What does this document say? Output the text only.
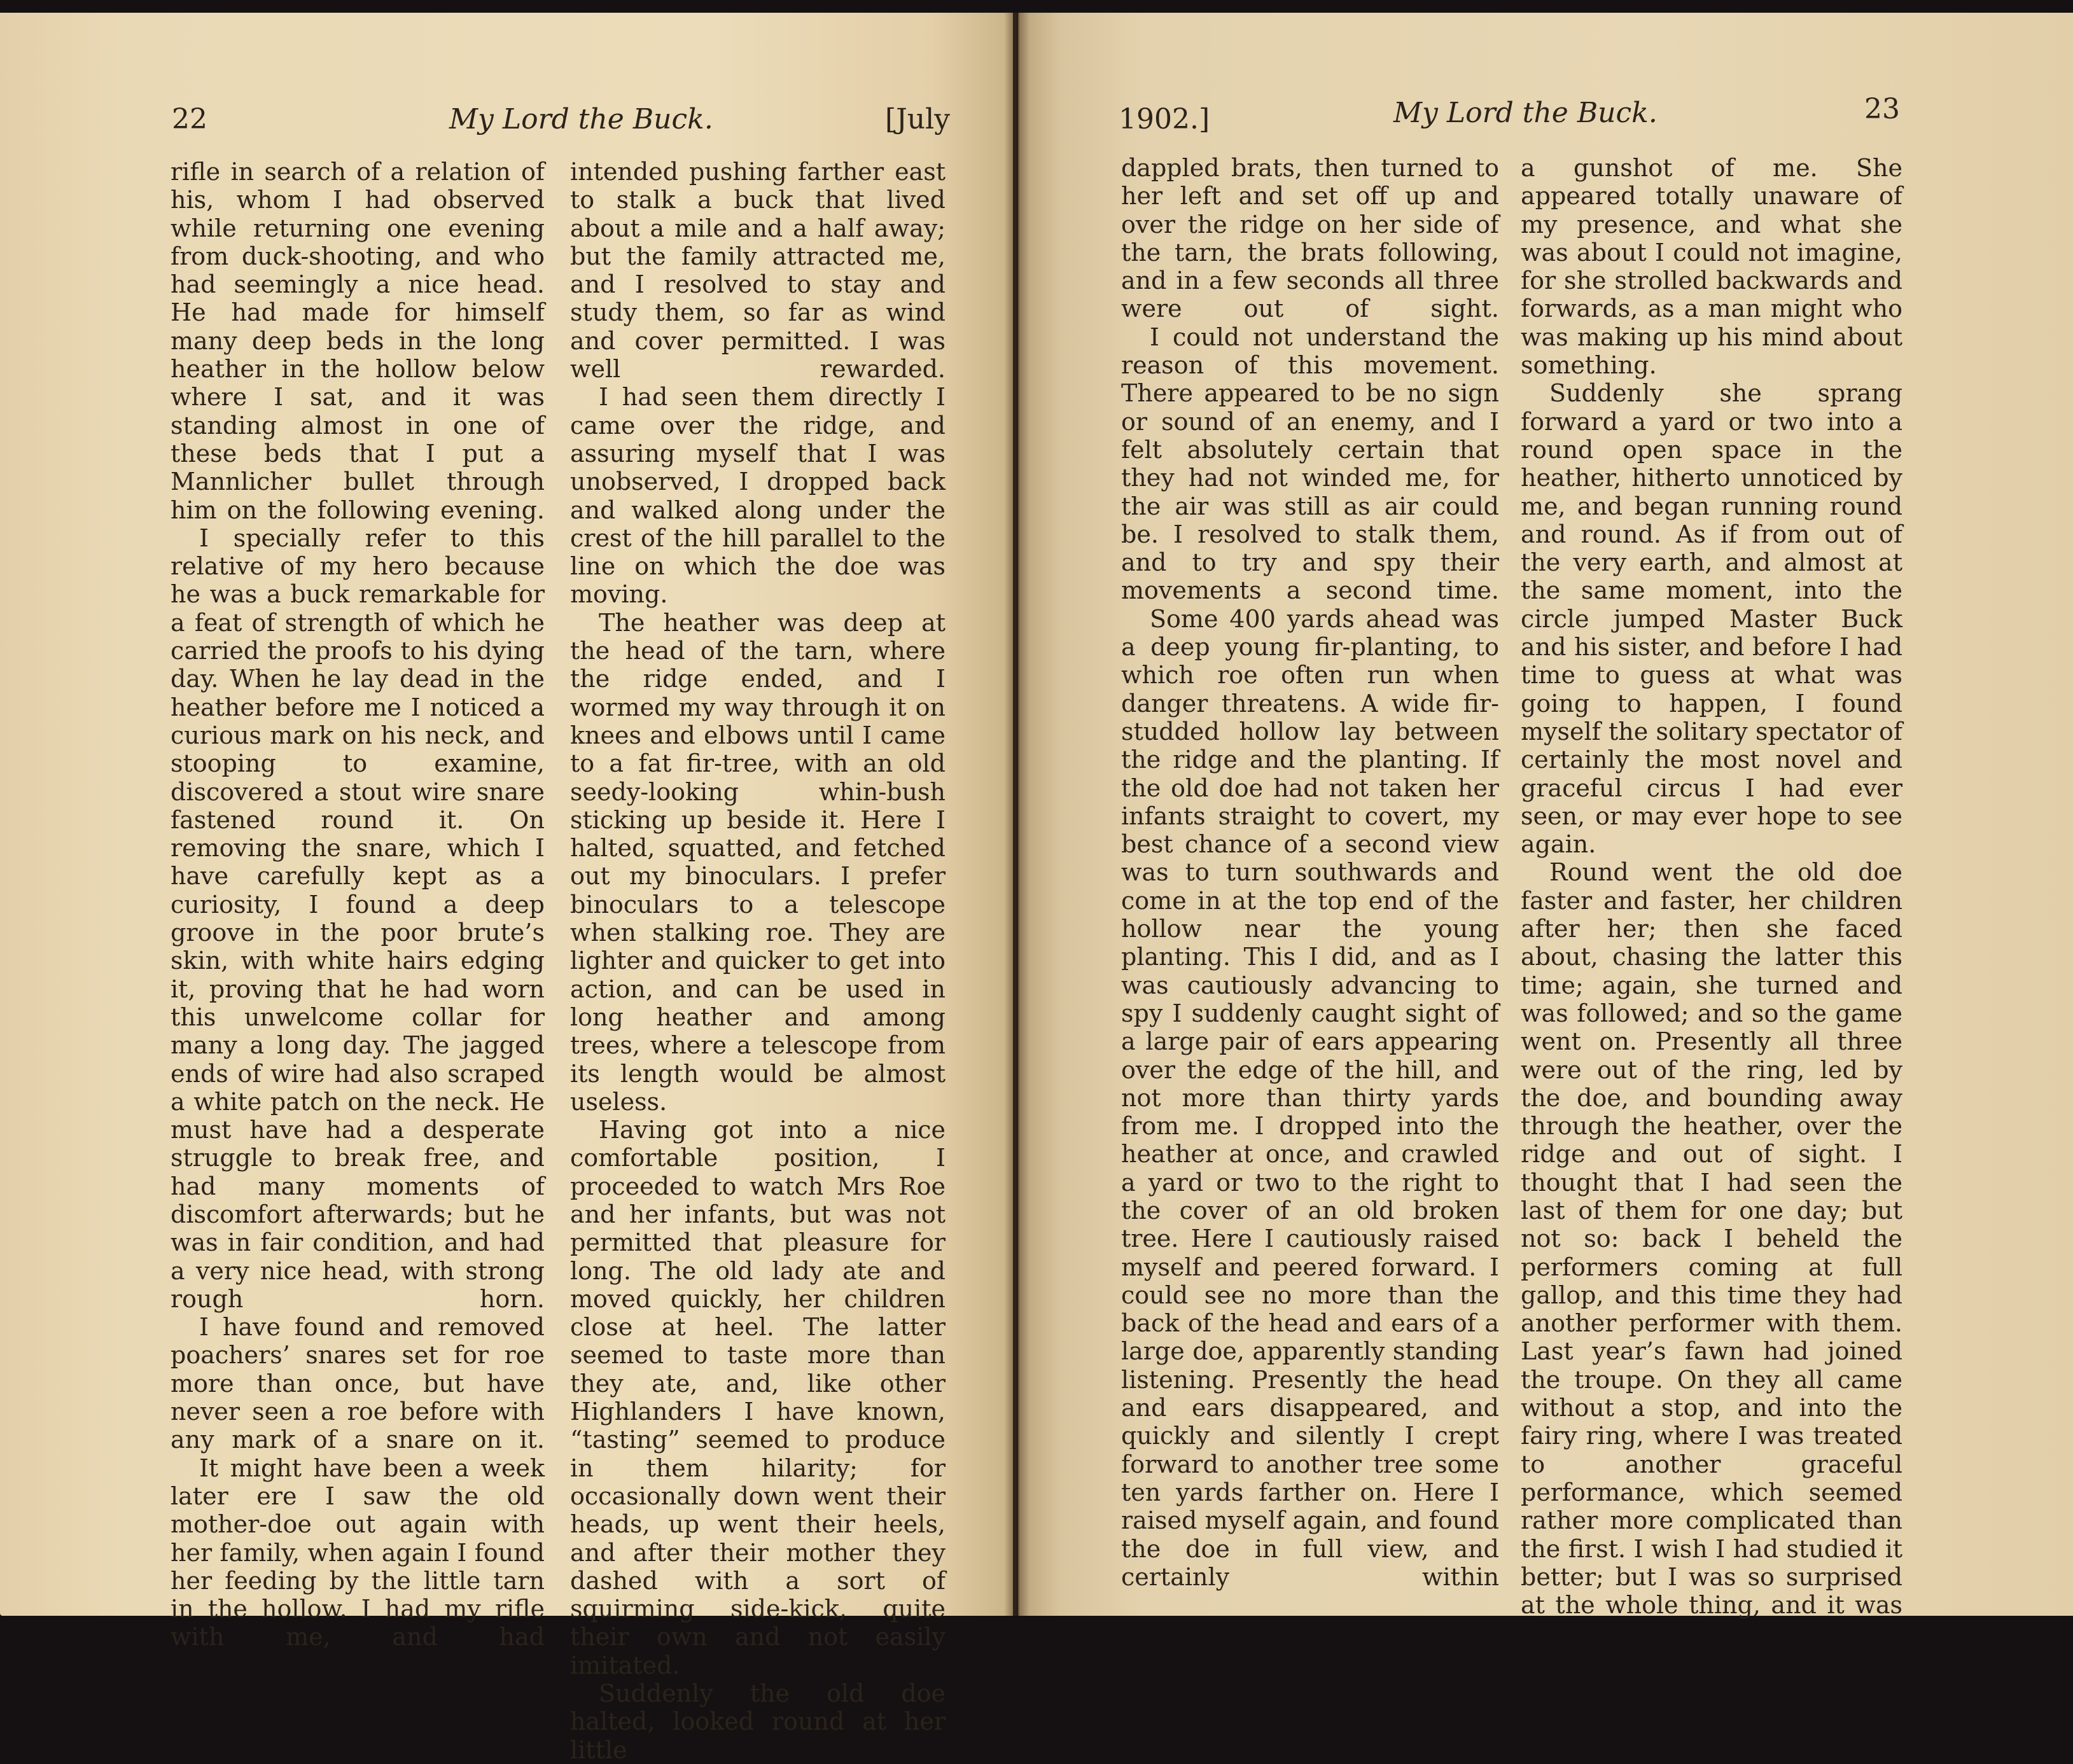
22	My Lord the Buck.	[July

rifle in search of a relation of his, whom I had observed while returning one evening from duck-shooting, and who had seemingly a nice head. He had made for himself many deep beds in the long heather in the hollow below where I sat, and it was standing almost in one of these beds that I put a Mannlicher bullet through him on the following evening.

I specially refer to this relative of my hero because he was a buck remarkable for a feat of strength of which he carried the proofs to his dying day. When he lay dead in the heather before me I noticed a curious mark on his neck, and stooping to examine, discovered a stout wire snare fastened round it. On removing the snare, which I have carefully kept as a curiosity, I found a deep groove in the poor brute’s skin, with white hairs edging it, proving that he had worn this unwelcome collar for many a long day. The jagged ends of wire had also scraped a white patch on the neck. He must have had a desperate struggle to break free, and had many moments of discomfort afterwards; but he was in fair condition, and had a very nice head, with strong rough horn.

I have found and removed poachers’ snares set for roe more than once, but have never seen a roe before with any mark of a snare on it.

It might have been a week later ere I saw the old mother-doe out again with her family, when again I found her feeding by the little tarn in the hollow. I had my rifle with me, and had

intended pushing farther east to stalk a buck that lived about a mile and a half away; but the family attracted me, and I resolved to stay and study them, so far as wind and cover permitted. I was well rewarded.

I had seen them directly I came over the ridge, and assuring myself that I was unobserved, I dropped back and walked along under the crest of the hill parallel to the line on which the doe was moving.

The heather was deep at the head of the tarn, where the ridge ended, and I wormed my way through it on knees and elbows until I came to a fat fir-tree, with an old seedy-looking whin-bush sticking up beside it. Here I halted, squatted, and fetched out my binoculars. I prefer binoculars to a telescope when stalking roe. They are lighter and quicker to get into action, and can be used in long heather and among trees, where a telescope from its length would be almost useless.

Having got into a nice comfortable position, I proceeded to watch Mrs Roe and her infants, but was not permitted that pleasure for long. The old lady ate and moved quickly, her children close at heel. The latter seemed to taste more than they ate, and, like other Highlanders I have known, “tasting” seemed to produce in them hilarity; for occasionally down went their heads, up went their heels, and after their mother they dashed with a sort of squirming side-kick, quite their own and not easily imitated.

Suddenly the old doe halted, looked round at her little

1902.]	My Lord the Buck.	23

dappled brats, then turned to her left and set off up and over the ridge on her side of the tarn, the brats following, and in a few seconds all three were out of sight.

I could not understand the reason of this movement. There appeared to be no sign or sound of an enemy, and I felt absolutely certain that they had not winded me, for the air was still as air could be. I resolved to stalk them, and to try and spy their movements a second time.

Some 400 yards ahead was a deep young fir-planting, to which roe often run when danger threatens. A wide fir-studded hollow lay between the ridge and the planting. If the old doe had not taken her infants straight to covert, my best chance of a second view was to turn southwards and come in at the top end of the hollow near the young planting. This I did, and as I was cautiously advancing to spy I suddenly caught sight of a large pair of ears appearing over the edge of the hill, and not more than thirty yards from me. I dropped into the heather at once, and crawled a yard or two to the right to the cover of an old broken tree. Here I cautiously raised myself and peered forward. I could see no more than the back of the head and ears of a large doe, apparently standing listening. Presently the head and ears disappeared, and quickly and silently I crept forward to another tree some ten yards farther on. Here I raised myself again, and found the doe in full view, and certainly within

a gunshot of me. She appeared totally unaware of my presence, and what she was about I could not imagine, for she strolled backwards and forwards, as a man might who was making up his mind about something.

Suddenly she sprang forward a yard or two into a round open space in the heather, hitherto unnoticed by me, and began running round and round. As if from out of the very earth, and almost at the same moment, into the circle jumped Master Buck and his sister, and before I had time to guess at what was going to happen, I found myself the solitary spectator of certainly the most novel and graceful circus I had ever seen, or may ever hope to see again.

Round went the old doe faster and faster, her children after her; then she faced about, chasing the latter this time; again, she turned and was followed; and so the game went on. Presently all three were out of the ring, led by the doe, and bounding away through the heather, over the ridge and out of sight. I thought that I had seen the last of them for one day; but not so: back I beheld the performers coming at full gallop, and this time they had another performer with them. Last year’s fawn had joined the troupe. On they all came without a stop, and into the fairy ring, where I was treated to another graceful performance, which seemed rather more complicated than the first. I wish I had studied it better; but I was so surprised at the whole thing, and it was
